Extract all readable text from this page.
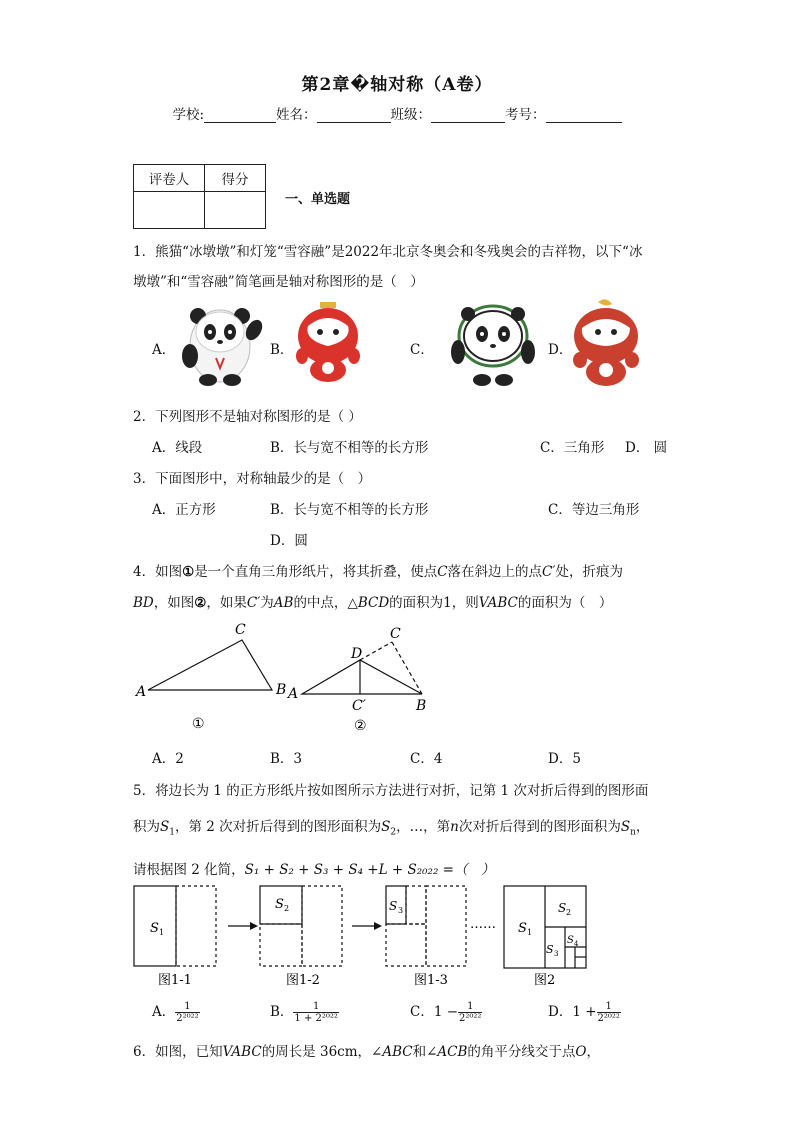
第2章�轴对称（A卷）
学校:	姓名：	班级：	考号：
评卷人	得分

一、单选题
1．熊猫“冰墩墩”和灯笼“雪容融”是2022年北京冬奥会和冬残奥会的吉祥物，以下“冰
墩墩”和“雪容融”简笔画是轴对称图形的是（　）
A．	B．	C．	D．
2．下列图形不是轴对称图形的是（ ）
A．线段	B．长与宽不相等的长方形	C．三角形 D． 圆
3．下面图形中，对称轴最少的是（　）
A．正方形	B．长与宽不相等的长方形	C．等边三角形
D．圆
4．如图①是一个直角三角形纸片，将其折叠，使点C落在斜边上的点C′处，折痕为
BD，如图②，如果C′为AB的中点，△BCD的面积为1，则VABC的面积为（　）
C
A	B
①
C
D
A
B
C′
②
A．2	B．3	C．4	D．5
5．将边长为 1 的正方形纸片按如图所示方法进行对折，记第 1 次对折后得到的图形面
积为$S_1$，第 2 次对折后得到的图形面积为$S_2$，…，第n次对折后得到的图形面积为$S_n$，
请根据图 2 化简，S₁ + S₂ + S₃ + S₄ +L + S₂₀₂₂ =（　）
S 1
图1-1
S 2
图1-2
S 3
图1-3
…… S 1
S 2
S 3
S 4
图2
A． $\frac{1}{\text{2²⁰²²}}$	B． $\frac{1}{\text{1 + 2²⁰²²}}$	C．$1 - \frac{1}{\text{2²⁰²²}}$	D．$1 + \frac{1}{\text{2²⁰²²}}$
6．如图，已知VABC的周长是 36cm，∠ABC和∠ACB的角平分线交于点O，
